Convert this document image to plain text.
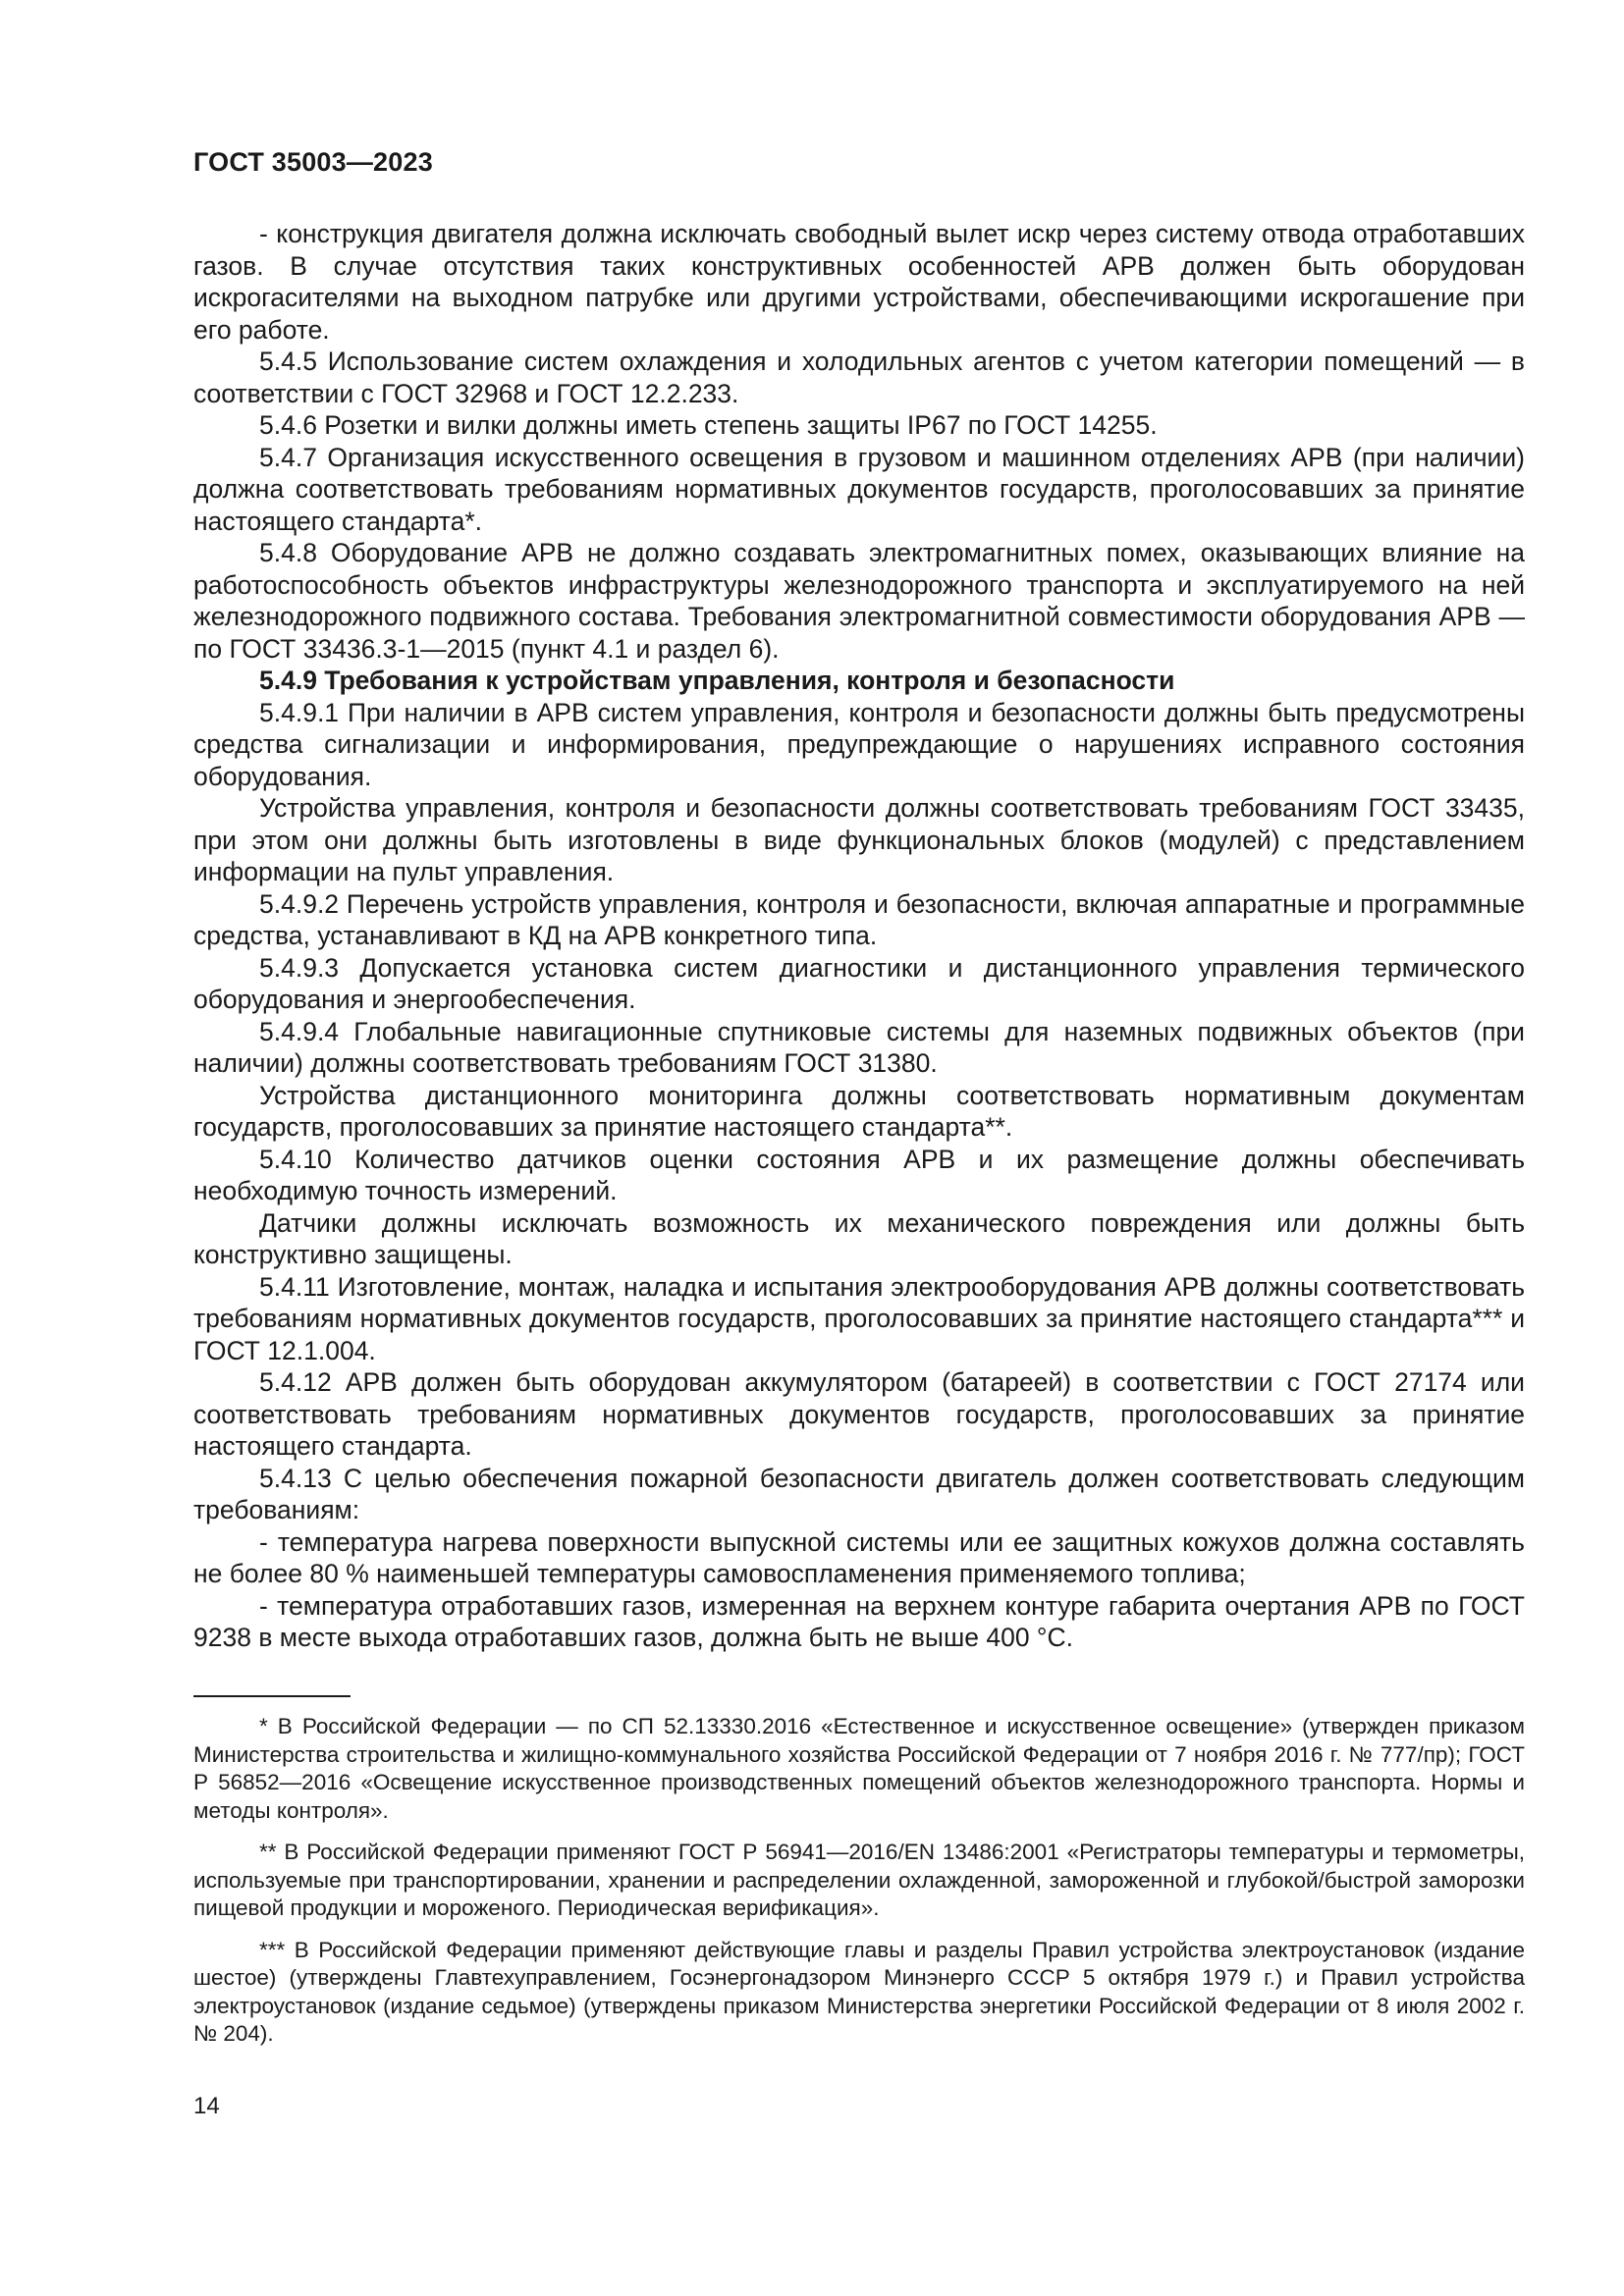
ГОСТ 35003—2023

- конструкция двигателя должна исключать свободный вылет искр через систему отвода отработавших газов. В случае отсутствия таких конструктивных особенностей АРВ должен быть оборудован искрогасителями на выходном патрубке или другими устройствами, обеспечивающими искрогашение при его работе.

5.4.5 Использование систем охлаждения и холодильных агентов с учетом категории помещений — в соответствии с ГОСТ 32968 и ГОСТ 12.2.233.

5.4.6 Розетки и вилки должны иметь степень защиты IP67 по ГОСТ 14255.

5.4.7 Организация искусственного освещения в грузовом и машинном отделениях АРВ (при наличии) должна соответствовать требованиям нормативных документов государств, проголосовавших за принятие настоящего стандарта*.

5.4.8 Оборудование АРВ не должно создавать электромагнитных помех, оказывающих влияние на работоспособность объектов инфраструктуры железнодорожного транспорта и эксплуатируемого на ней железнодорожного подвижного состава. Требования электромагнитной совместимости оборудования АРВ — по ГОСТ 33436.3-1—2015 (пункт 4.1 и раздел 6).

5.4.9 Требования к устройствам управления, контроля и безопасности

5.4.9.1 При наличии в АРВ систем управления, контроля и безопасности должны быть предусмотрены средства сигнализации и информирования, предупреждающие о нарушениях исправного состояния оборудования.

Устройства управления, контроля и безопасности должны соответствовать требованиям ГОСТ 33435, при этом они должны быть изготовлены в виде функциональных блоков (модулей) с представлением информации на пульт управления.

5.4.9.2 Перечень устройств управления, контроля и безопасности, включая аппаратные и программные средства, устанавливают в КД на АРВ конкретного типа.

5.4.9.3 Допускается установка систем диагностики и дистанционного управления термического оборудования и энергообеспечения.

5.4.9.4 Глобальные навигационные спутниковые системы для наземных подвижных объектов (при наличии) должны соответствовать требованиям ГОСТ 31380.

Устройства дистанционного мониторинга должны соответствовать нормативным документам государств, проголосовавших за принятие настоящего стандарта**.

5.4.10 Количество датчиков оценки состояния АРВ и их размещение должны обеспечивать необходимую точность измерений.

Датчики должны исключать возможность их механического повреждения или должны быть конструктивно защищены.

5.4.11 Изготовление, монтаж, наладка и испытания электрооборудования АРВ должны соответствовать требованиям нормативных документов государств, проголосовавших за принятие настоящего стандарта*** и ГОСТ 12.1.004.

5.4.12 АРВ должен быть оборудован аккумулятором (батареей) в соответствии с ГОСТ 27174 или соответствовать требованиям нормативных документов государств, проголосовавших за принятие настоящего стандарта.

5.4.13 С целью обеспечения пожарной безопасности двигатель должен соответствовать следующим требованиям:

- температура нагрева поверхности выпускной системы или ее защитных кожухов должна составлять не более 80 % наименьшей температуры самовоспламенения применяемого топлива;

- температура отработавших газов, измеренная на верхнем контуре габарита очертания АРВ по ГОСТ 9238 в месте выхода отработавших газов, должна быть не выше 400 °С.

* В Российской Федерации — по СП 52.13330.2016 «Естественное и искусственное освещение» (утвержден приказом Министерства строительства и жилищно-коммунального хозяйства Российской Федерации от 7 ноября 2016 г. № 777/пр); ГОСТ Р 56852—2016 «Освещение искусственное производственных помещений объектов железнодорожного транспорта. Нормы и методы контроля».

** В Российской Федерации применяют ГОСТ Р 56941—2016/EN 13486:2001 «Регистраторы температуры и термометры, используемые при транспортировании, хранении и распределении охлажденной, замороженной и глубокой/быстрой заморозки пищевой продукции и мороженого. Периодическая верификация».

*** В Российской Федерации применяют действующие главы и разделы Правил устройства электроустановок (издание шестое) (утверждены Главтехуправлением, Госэнергонадзором Минэнерго СССР 5 октября 1979 г.) и Правил устройства электроустановок (издание седьмое) (утверждены приказом Министерства энергетики Российской Федерации от 8 июля 2002 г. № 204).

14
